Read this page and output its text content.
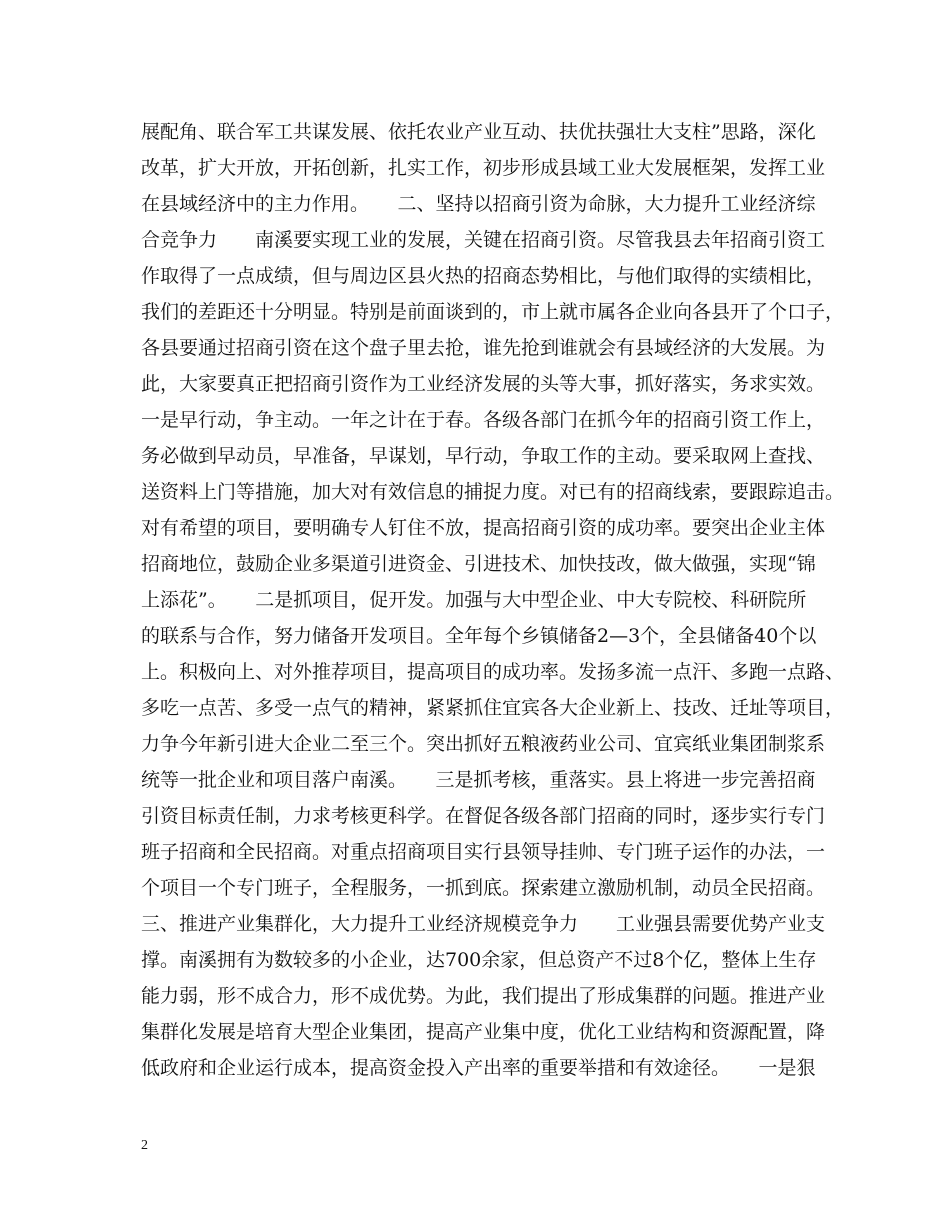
展配角、联合军工共谋发展、依托农业产业互动、扶优扶强壮大支柱”思路，深化
改革，扩大开放，开拓创新，扎实工作，初步形成县域工业大发展框架，发挥工业
在县域经济中的主力作用。　　二、坚持以招商引资为命脉，大力提升工业经济综
合竞争力　　南溪要实现工业的发展，关键在招商引资。尽管我县去年招商引资工
作取得了一点成绩，但与周边区县火热的招商态势相比，与他们取得的实绩相比，
我们的差距还十分明显。特别是前面谈到的，市上就市属各企业向各县开了个口子，
各县要通过招商引资在这个盘子里去抢，谁先抢到谁就会有县域经济的大发展。为
此，大家要真正把招商引资作为工业经济发展的头等大事，抓好落实，务求实效。
一是早行动，争主动。一年之计在于春。各级各部门在抓今年的招商引资工作上，
务必做到早动员，早准备，早谋划，早行动，争取工作的主动。要采取网上查找、
送资料上门等措施，加大对有效信息的捕捉力度。对已有的招商线索，要跟踪追击。
对有希望的项目，要明确专人钉住不放，提高招商引资的成功率。要突出企业主体
招商地位，鼓励企业多渠道引进资金、引进技术、加快技改，做大做强，实现“锦
上添花”。　　二是抓项目，促开发。加强与大中型企业、中大专院校、科研院所
的联系与合作，努力储备开发项目。全年每个乡镇储备2—3个，全县储备40个以
上。积极向上、对外推荐项目，提高项目的成功率。发扬多流一点汗、多跑一点路、
多吃一点苦、多受一点气的精神，紧紧抓住宜宾各大企业新上、技改、迁址等项目，
力争今年新引进大企业二至三个。突出抓好五粮液药业公司、宜宾纸业集团制浆系
统等一批企业和项目落户南溪。　　三是抓考核，重落实。县上将进一步完善招商
引资目标责任制，力求考核更科学。在督促各级各部门招商的同时，逐步实行专门
班子招商和全民招商。对重点招商项目实行县领导挂帅、专门班子运作的办法，一
个项目一个专门班子，全程服务，一抓到底。探索建立激励机制，动员全民招商。
三、推进产业集群化，大力提升工业经济规模竞争力　　工业强县需要优势产业支
撑。南溪拥有为数较多的小企业，达700余家，但总资产不过8个亿，整体上生存
能力弱，形不成合力，形不成优势。为此，我们提出了形成集群的问题。推进产业
集群化发展是培育大型企业集团，提高产业集中度，优化工业结构和资源配置，降
低政府和企业运行成本，提高资金投入产出率的重要举措和有效途径。　　一是狠
2
